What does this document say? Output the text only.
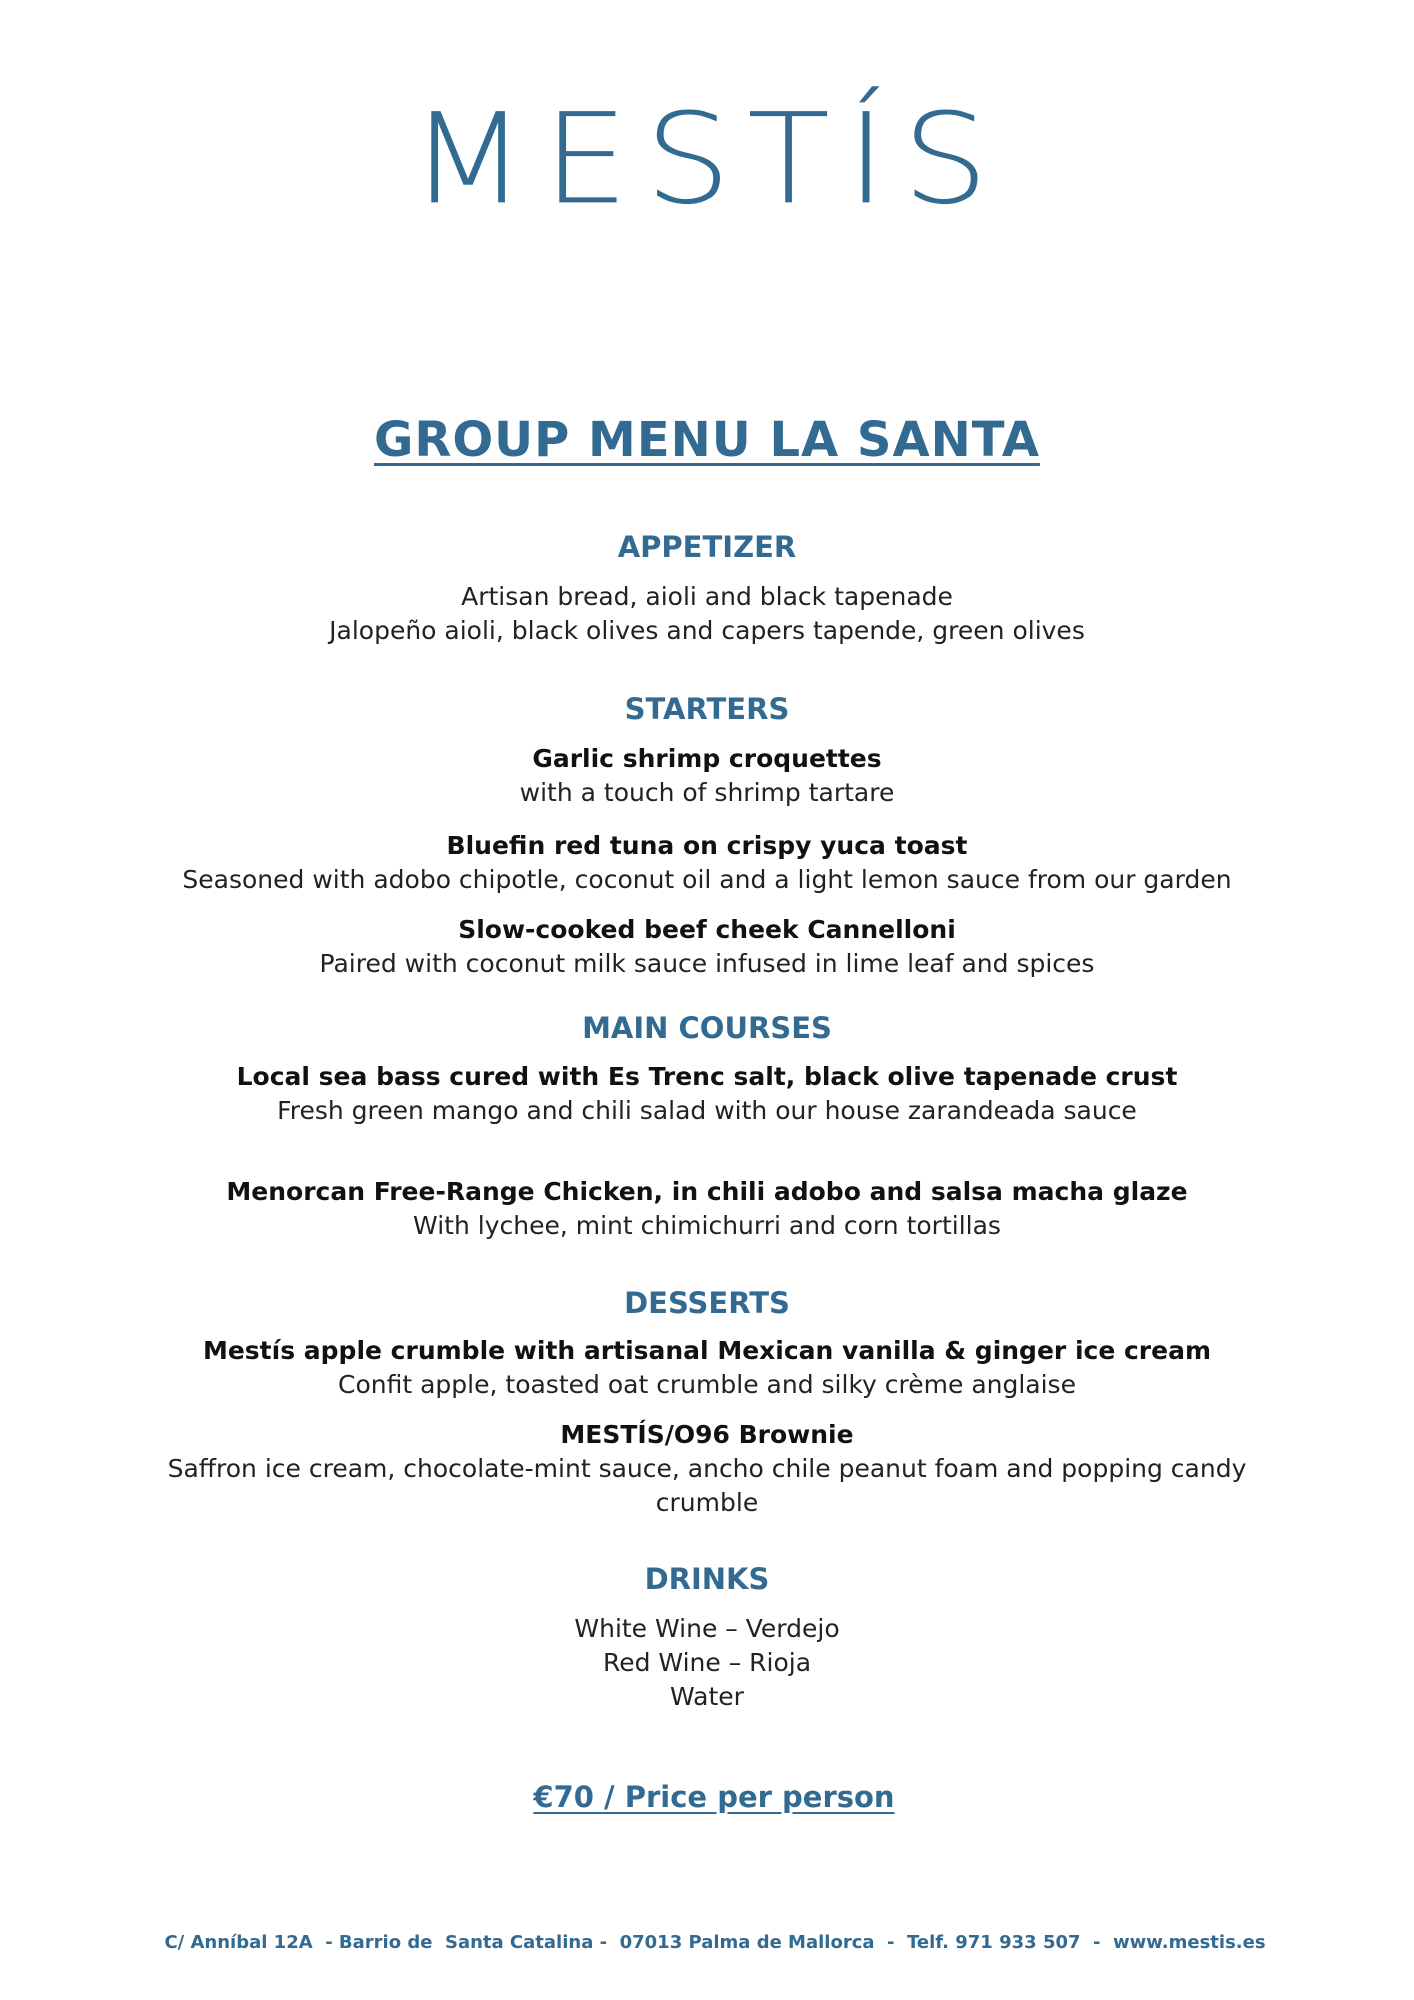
MESTÍS
GROUP MENU LA SANTA
APPETIZER
Artisan bread, aioli and black tapenade
Jalopeño aioli, black olives and capers tapende, green olives
STARTERS
Garlic shrimp croquettes
with a touch of shrimp tartare
Bluefin red tuna on crispy yuca toast
Seasoned with adobo chipotle, coconut oil and a light lemon sauce from our garden
Slow-cooked beef cheek Cannelloni
Paired with coconut milk sauce infused in lime leaf and spices
MAIN COURSES
Local sea bass cured with Es Trenc salt, black olive tapenade crust
Fresh green mango and chili salad with our house zarandeada sauce
Menorcan Free-Range Chicken, in chili adobo and salsa macha glaze
With lychee, mint chimichurri and corn tortillas
DESSERTS
Mestís apple crumble with artisanal Mexican vanilla & ginger ice cream
Confit apple, toasted oat crumble and silky crème anglaise
MESTÍS/O96 Brownie
Saffron ice cream, chocolate-mint sauce, ancho chile peanut foam and popping candy crumble
DRINKS
White Wine – Verdejo
Red Wine – Rioja
Water
€70 / Price per person
C/ Anníbal 12A  - Barrio de  Santa Catalina -  07013 Palma de Mallorca  -  Telf. 971 933 507  -  www.mestis.es
